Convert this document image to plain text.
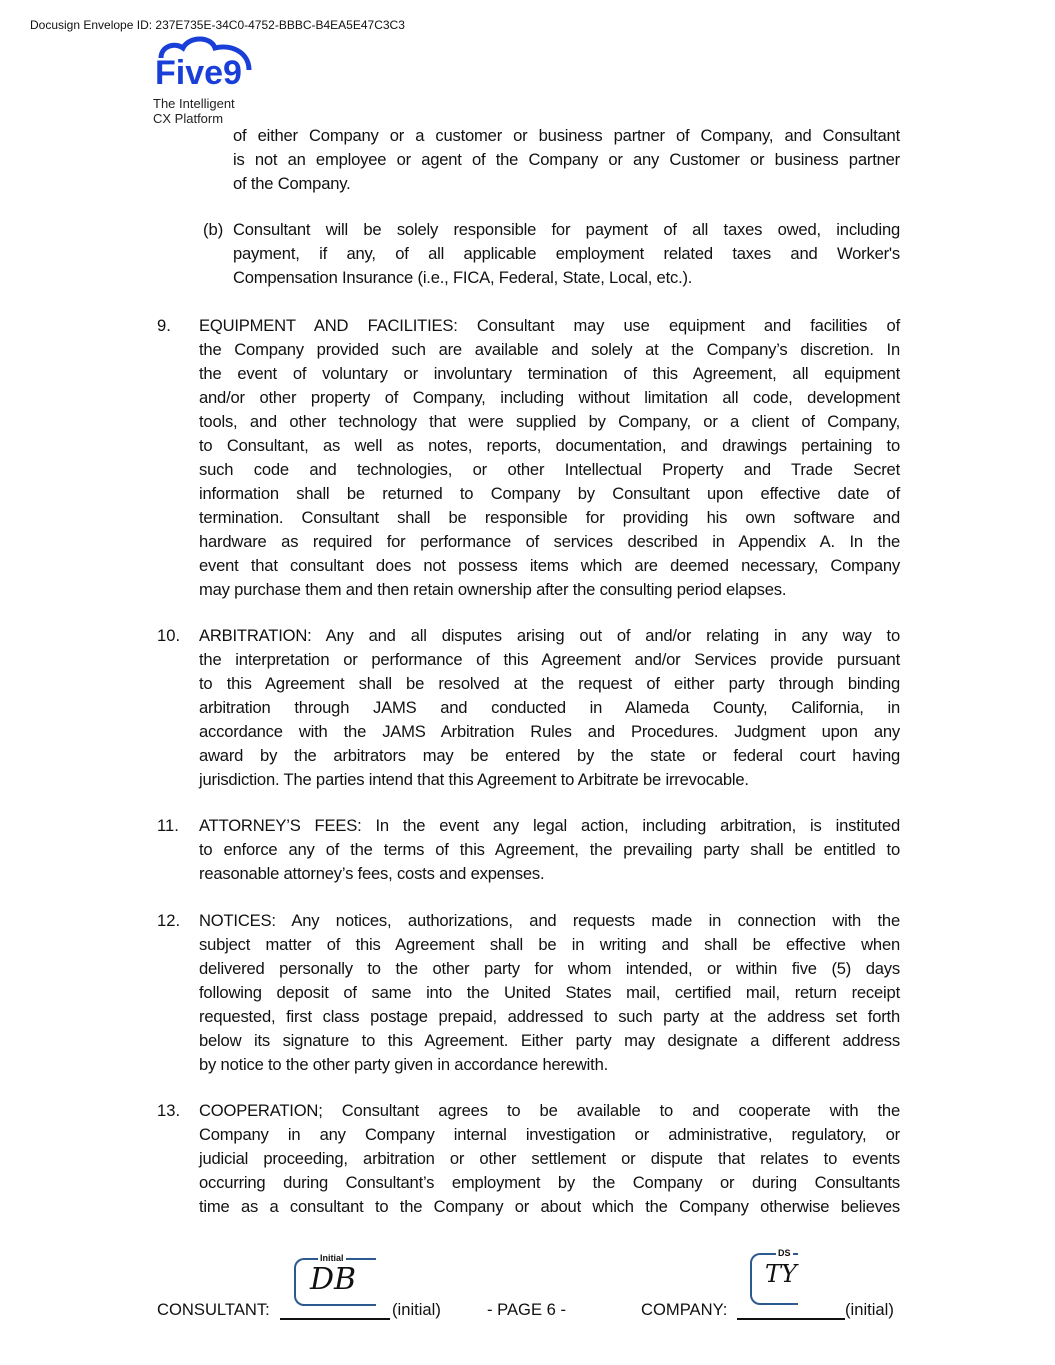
Docusign Envelope ID: 237E735E-34C0-4752-BBBC-B4EA5E47C3C3
Five9
The Intelligent
CX Platform
of either Company or a customer or business partner of Company, and Consultant
is not an employee or agent of the Company or any Customer or business partner
of the Company.
(b) Consultant will be solely responsible for payment of all taxes owed, including
payment, if any, of all applicable employment related taxes and Worker's
Compensation Insurance (i.e., FICA, Federal, State, Local, etc.).
9. EQUIPMENT AND FACILITIES: Consultant may use equipment and facilities of
the Company provided such are available and solely at the Company’s discretion. In
the event of voluntary or involuntary termination of this Agreement, all equipment
and/or other property of Company, including without limitation all code, development
tools, and other technology that were supplied by Company, or a client of Company,
to Consultant, as well as notes, reports, documentation, and drawings pertaining to
such code and technologies, or other Intellectual Property and Trade Secret
information shall be returned to Company by Consultant upon effective date of
termination. Consultant shall be responsible for providing his own software and
hardware as required for performance of services described in Appendix A. In the
event that consultant does not possess items which are deemed necessary, Company
may purchase them and then retain ownership after the consulting period elapses.
10. ARBITRATION: Any and all disputes arising out of and/or relating in any way to
the interpretation or performance of this Agreement and/or Services provide pursuant
to this Agreement shall be resolved at the request of either party through binding
arbitration through JAMS and conducted in Alameda County, California, in
accordance with the JAMS Arbitration Rules and Procedures. Judgment upon any
award by the arbitrators may be entered by the state or federal court having
jurisdiction. The parties intend that this Agreement to Arbitrate be irrevocable.
11. ATTORNEY’S FEES: In the event any legal action, including arbitration, is instituted
to enforce any of the terms of this Agreement, the prevailing party shall be entitled to
reasonable attorney’s fees, costs and expenses.
12. NOTICES: Any notices, authorizations, and requests made in connection with the
subject matter of this Agreement shall be in writing and shall be effective when
delivered personally to the other party for whom intended, or within five (5) days
following deposit of same into the United States mail, certified mail, return receipt
requested, first class postage prepaid, addressed to such party at the address set forth
below its signature to this Agreement. Either party may designate a different address
by notice to the other party given in accordance herewith.
13. COOPERATION; Consultant agrees to be available to and cooperate with the
Company in any Company internal investigation or administrative, regulatory, or
judicial proceeding, arbitration or other settlement or dispute that relates to events
occurring during Consultant’s employment by the Company or during Consultants
time as a consultant to the Company or about which the Company otherwise believes
CONSULTANT:
Initial
DB
(initial)	- PAGE 6 -	COMPANY:
DS
TY
(initial)
